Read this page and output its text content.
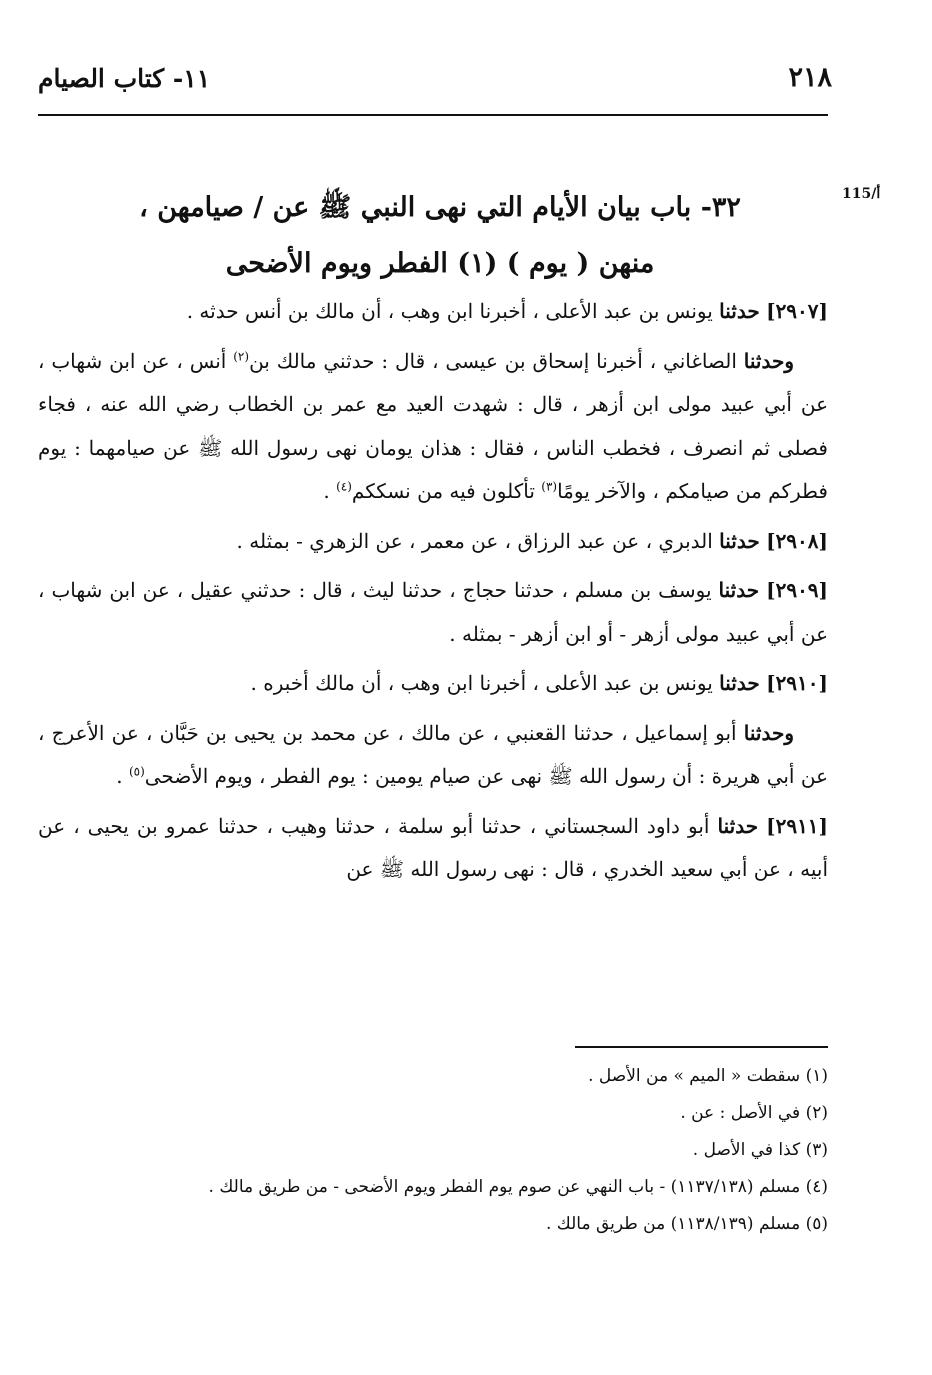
٢١٨
١١- كتاب الصيام
115/أ
٣٢- باب بيان الأيام التي نهى النبي ﷺ عن / صيامهن ،
منهن ( يوم ) (١) الفطر ويوم الأضحى

[٢٩٠٧] حدثنا يونس بن عبد الأعلى ، أخبرنا ابن وهب ، أن مالك بن أنس حدثه .

وحدثنا الصاغاني ، أخبرنا إسحاق بن عيسى ، قال : حدثني مالك بن$^{(٢)}$ أنس ، عن ابن شهاب ، عن أبي عبيد مولى ابن أزهر ، قال : شهدت العيد مع عمر بن الخطاب رضي الله عنه ، فجاء فصلى ثم انصرف ، فخطب الناس ، فقال : هذان يومان نهى رسول الله ﷺ عن صيامهما : يوم فطركم من صيامكم ، والآخر يومًا$^{(٣)}$ تأكلون فيه من نسككم$^{(٤)}$ .

[٢٩٠٨] حدثنا الدبري ، عن عبد الرزاق ، عن معمر ، عن الزهري - بمثله .

[٢٩٠٩] حدثنا يوسف بن مسلم ، حدثنا حجاج ، حدثنا ليث ، قال : حدثني عقيل ، عن ابن شهاب ، عن أبي عبيد مولى أزهر - أو ابن أزهر - بمثله .

[٢٩١٠] حدثنا يونس بن عبد الأعلى ، أخبرنا ابن وهب ، أن مالك أخبره .

وحدثنا أبو إسماعيل ، حدثنا القعنبي ، عن مالك ، عن محمد بن يحيى بن حَبَّان ، عن الأعرج ، عن أبي هريرة : أن رسول الله ﷺ نهى عن صيام يومين : يوم الفطر ، ويوم الأضحى$^{(٥)}$ .

[٢٩١١] حدثنا أبو داود السجستاني ، حدثنا أبو سلمة ، حدثنا وهيب ، حدثنا عمرو بن يحيى ، عن أبيه ، عن أبي سعيد الخدري ، قال : نهى رسول الله ﷺ عن

(١) سقطت « الميم » من الأصل .

(٢) في الأصل : عن .

(٣) كذا في الأصل .

(٤) مسلم (١١٣٧/١٣٨) - باب النهي عن صوم يوم الفطر ويوم الأضحى - من طريق مالك .

(٥) مسلم (١١٣٨/١٣٩) من طريق مالك .
